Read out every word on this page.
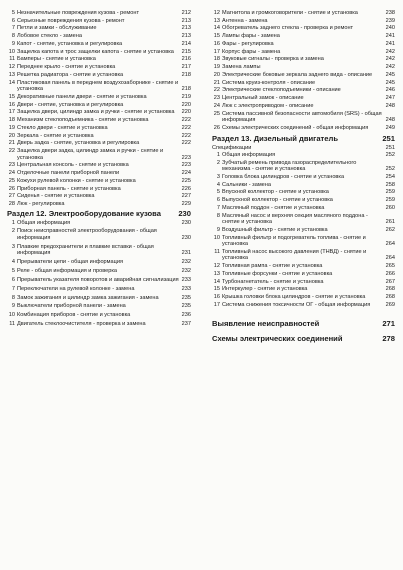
5 Незначительные повреждения кузова - ремонт	212
6 Серьезные повреждения кузова - ремонт	213
7 Петли и замки - обслуживание	213
8 Лобовое стекло - замена	213
9 Капот - снятие, установка и регулировка	214
10 Защелка капота и трос защелки капота - снятие и установка	215
11 Бамперы - снятие и установка	216
12 Переднее крыло - снятие и установка	217
13 Решетка радиатора - снятие и установка	218
14 Пластиковая панель в переднем воздухозаборнике - снятие и установка	218
15 Декоративные панели двери - снятие и установка	219
16 Двери - снятие, установка и регулировка	220
17 Защелка двери, цилиндр замка и ручки - снятие и установка	220
18 Механизм стеклоподъемника - снятие и установка	222
19 Стекло двери - снятие и установка	222
20 Зеркала - снятие и установка	222
21 Дверь задка - снятие, установка и регулировка	222
22 Защелка двери задка, цилиндр замка и ручки - снятие и установка	223
23 Центральная консоль - снятие и установка	223
24 Отделочные панели приборной панели	224
25 Кожухи рулевой колонки - снятие и установка	225
26 Приборная панель - снятие и установка	226
27 Сиденья - снятие и установка	227
28 Люк - регулировка	229
Раздел 12. Электрооборудование кузова 230
1 Общая информация	230
2 Поиск неисправностей электрооборудования - общая информация	230
3 Плавкие предохранители и плавкие вставки - общая информация	231
4 Прерыватели цепи - общая информация	232
5 Реле - общая информация и проверка	232
6 Прерыватель указателя поворотов и аварийная сигнализация 233
7 Переключатели на рулевой колонке - замена	233
8 Замок зажигания и цилиндр замка зажигания - замена	235
9 Выключатели приборной панели - замена	235
10 Комбинация приборов - снятие и установка	236
11 Двигатель стеклоочистителя - проверка и замена	237
12 Магнитола и громкоговорители - снятие и установка	238
13 Антенна - замена	239
14 Обогреватель заднего стекла - проверка и ремонт	240
15 Лампы фары - замена	241
16 Фары - регулировка	241
17 Корпус фары - замена	242
18 Звуковые сигналы - проверка и замена	242
19 Замена лампы	242
20 Электрические боковые зеркала заднего вида - описание	245
21 Система круиз-контроля - описание	245
22 Электрические стеклоподъемники - описание	246
23 Центральный замок - описание	247
24 Люк с электроприводом - описание	248
25 Система пассивной безопасности автомобиля (SRS) - общая информация	248
26 Схемы электрических соединений - общая информация	249
Раздел 13. Дизельный двигатель	251
Спецификации	251
1 Общая информация	252
2 Зубчатый ремень привода газораспределительного механизма - снятие и установка	252
3 Головка блока цилиндров - снятие и установка	254
4 Сальники - замена	258
5 Впускной коллектор - снятие и установка	259
6 Выпускной коллектор - снятие и установка	259
7 Масляный поддон - снятие и установка	260
8 Масляный насос и верхняя секция масляного поддона - снятие и установка	261
9 Воздушный фильтр - снятие и установка	262
10 Топливный фильтр и подогреватель топлива - снятие и установка	264
11 Топливный насос высокого давления (ТНВД) - снятие и установка	264
12 Топливная рампа - снятие и установка	265
13 Топливные форсунки - снятие и установка	266
14 Турбонагнетатель - снятие и установка	267
15 Интеркулер - снятие и установка	268
16 Крышка головки блока цилиндров - снятие и установка	268
17 Система снижения токсичности ОГ - общая информация	269
Выявление неисправностей	271
Схемы электрических соединений	278
